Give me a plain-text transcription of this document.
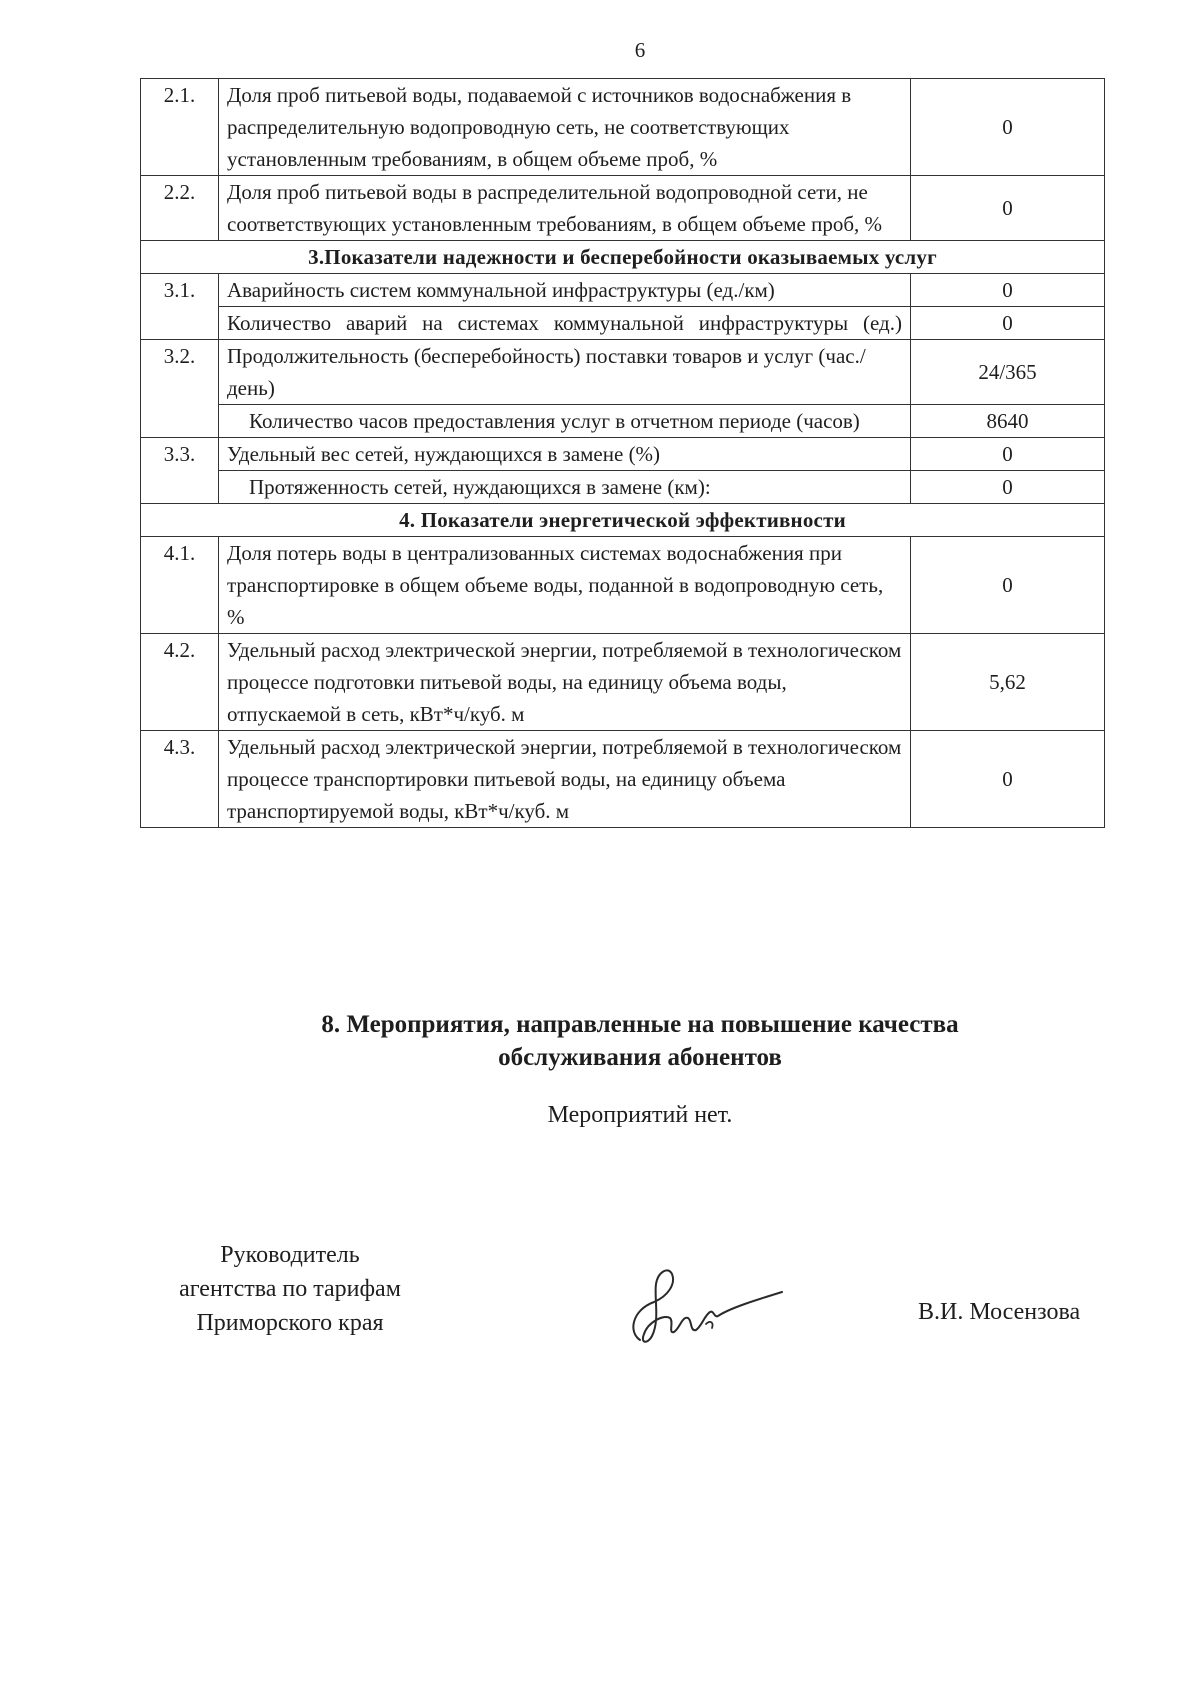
6
2.1.	Доля проб питьевой воды, подаваемой с источников водоснабжения в распределительную водопроводную сеть, не соответствующих установленным требованиям, в общем объеме проб, %	0
2.2.	Доля проб питьевой воды в распределительной водопроводной сети, не соответствующих установленным требованиям, в общем объеме проб, %	0
3.Показатели надежности и бесперебойности оказываемых услуг		
3.1.	Аварийность систем коммунальной инфраструктуры (ед./км)	0
	Количество аварий на системах коммунальной инфраструктуры (ед.)	0
3.2.	Продолжительность (бесперебойность) поставки товаров и услуг (час./день)	24/365
	Количество часов предоставления услуг в отчетном периоде (часов)	8640
3.3.	Удельный вес сетей, нуждающихся в замене (%)	0
	Протяженность сетей, нуждающихся в замене (км):	0
4. Показатели энергетической эффективности		
4.1.	Доля потерь воды в централизованных системах водоснабжения при транспортировке в общем объеме воды, поданной в водопроводную сеть, %	0
4.2.	Удельный расход электрической энергии, потребляемой в технологическом процессе подготовки питьевой воды, на единицу объема воды, отпускаемой в сеть, кВт*ч/куб. м	5,62
4.3.	Удельный расход электрической энергии, потребляемой в технологическом процессе транспортировки питьевой воды, на единицу объема транспортируемой воды, кВт*ч/куб. м	0
8. Мероприятия, направленные на повышение качества
обслуживания абонентов
Мероприятий нет.
Руководитель
агентства по тарифам
Приморского края	В.И. Мосензова
